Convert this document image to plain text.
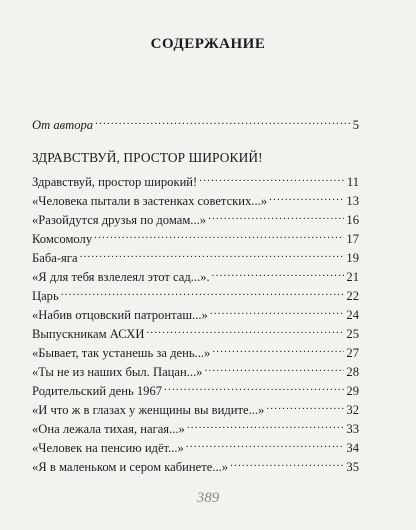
СОДЕРЖАНИЕ
От автора .....	5
ЗДРАВСТВУЙ, ПРОСТОР ШИРОКИЙ!
Здравствуй, простор широкий! .....	11
«Человека пытали в застенках советских...» .....	13
«Разойдутся друзья по домам...» .....	16
Комсомолу .....	17
Баба-яга .....	19
«Я для тебя взлелеял этот сад...». .....	21
Царь .....	22
«Набив отцовский патронташ...» .....	24
Выпускникам АСХИ .....	25
«Бывает, так устанешь за день...» .....	27
«Ты не из наших был. Пацан...» .....	28
Родительский день 1967 .....	29
«И что ж в глазах у женщины вы видите...» .....	32
«Она лежала тихая, нагая...» .....	33
«Человек на пенсию идёт...» .....	34
«Я в маленьком и сером кабинете...» .....	35
389
